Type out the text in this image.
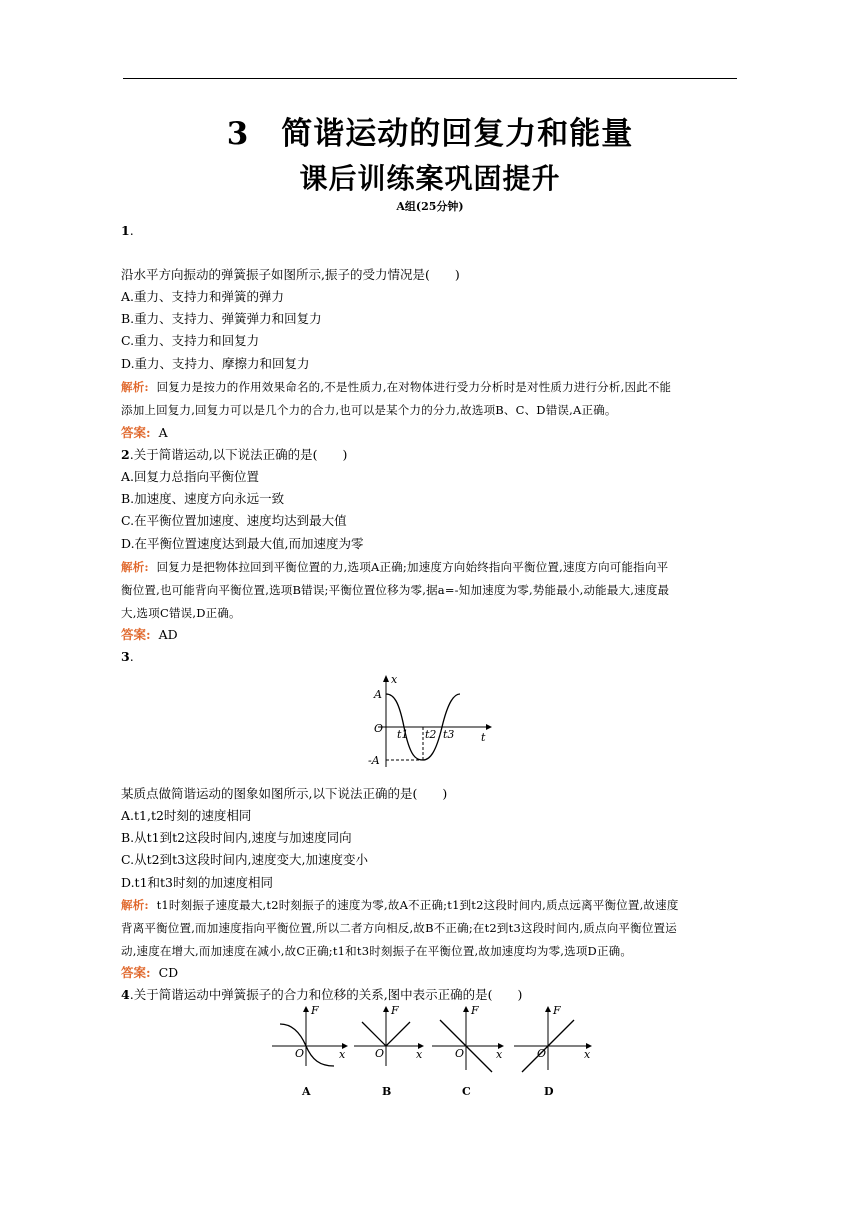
3　简谐运动的回复力和能量
课后训练案巩固提升
A组(25分钟)
1.
沿水平方向振动的弹簧振子如图所示,振子的受力情况是(　　)
A.重力、支持力和弹簧的弹力
B.重力、支持力、弹簧弹力和回复力
C.重力、支持力和回复力
D.重力、支持力、摩擦力和回复力
解析: 回复力是按力的作用效果命名的,不是性质力,在对物体进行受力分析时是对性质力进行分析,因此不能
添加上回复力,回复力可以是几个力的合力,也可以是某个力的分力,故选项B、C、D错误,A正确。
答案: A
2.关于简谐运动,以下说法正确的是(　　)
A.回复力总指向平衡位置
B.加速度、速度方向永远一致
C.在平衡位置加速度、速度均达到最大值
D.在平衡位置速度达到最大值,而加速度为零
解析: 回复力是把物体拉回到平衡位置的力,选项A正确;加速度方向始终指向平衡位置,速度方向可能指向平
衡位置,也可能背向平衡位置,选项B错误;平衡位置位移为零,据a=-知加速度为零,势能最小,动能最大,速度最
大,选项C错误,D正确。
答案: AD
3.
x
t
O
A
-A
t1 t2 t3
某质点做简谐运动的图象如图所示,以下说法正确的是(　　)
A.t1,t2时刻的速度相同
B.从t1到t2这段时间内,速度与加速度同向
C.从t2到t3这段时间内,速度变大,加速度变小
D.t1和t3时刻的加速度相同
解析: t1时刻振子速度最大,t2时刻振子的速度为零,故A不正确;t1到t2这段时间内,质点远离平衡位置,故速度
背离平衡位置,而加速度指向平衡位置,所以二者方向相反,故B不正确;在t2到t3这段时间内,质点向平衡位置运
动,速度在增大,而加速度在减小,故C正确;t1和t3时刻振子在平衡位置,故加速度均为零,选项D正确。
答案: CD
4.关于简谐运动中弹簧振子的合力和位移的关系,图中表示正确的是(　　)
F
x
O
A
F
x
O
B
F
x
O
C
F
x
O
D
